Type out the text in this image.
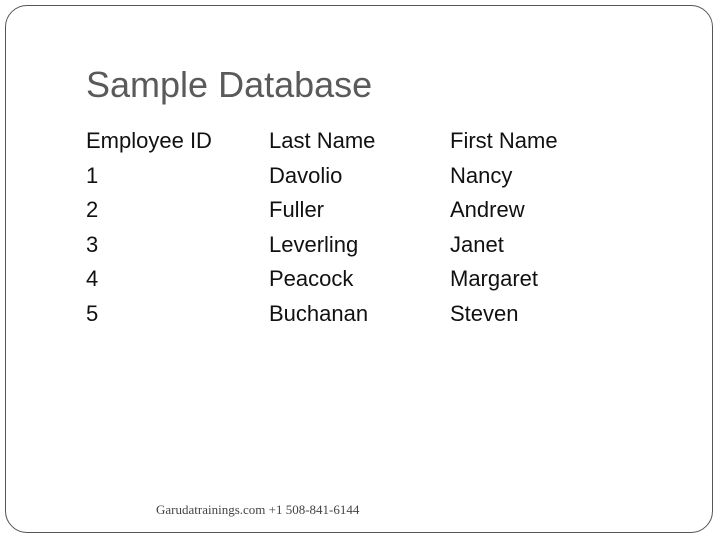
Sample Database
Employee ID
1
2
3
4
5
Last Name
Davolio
Fuller
Leverling
Peacock
Buchanan
First Name
Nancy
Andrew
Janet
Margaret
Steven
Garudatrainings.com +1 508-841-6144
